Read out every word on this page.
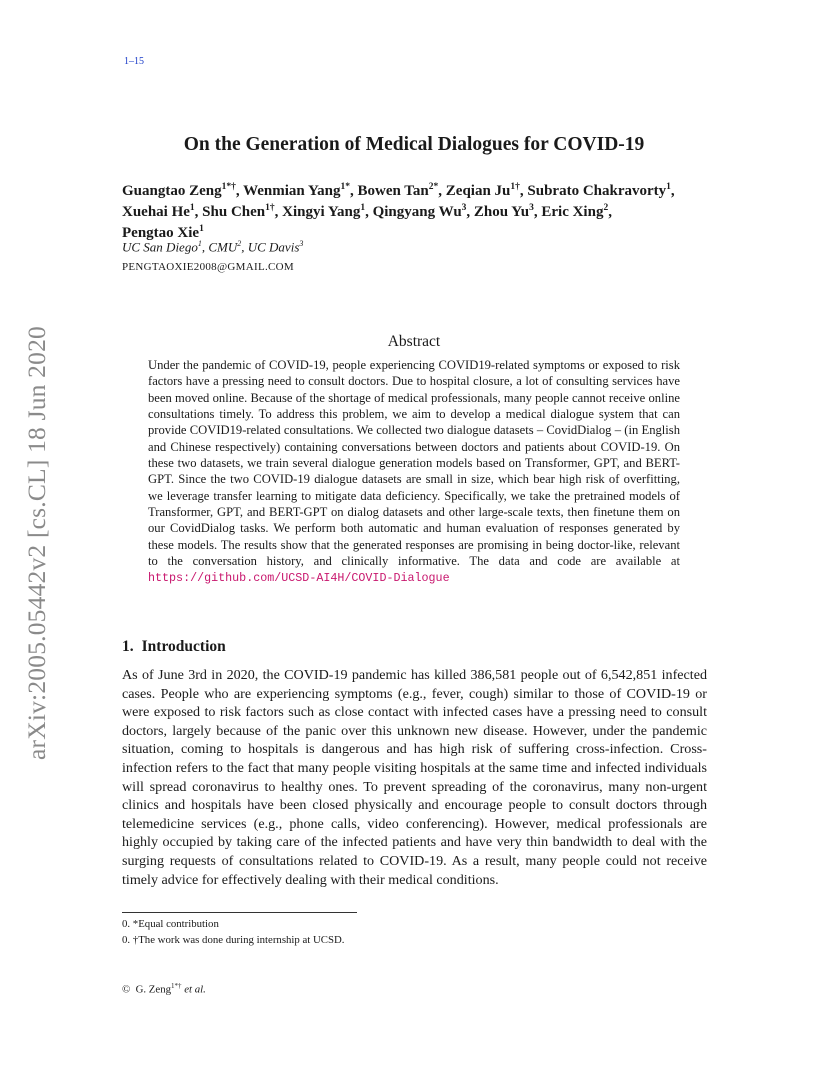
1–15
arXiv:2005.05442v2 [cs.CL] 18 Jun 2020
On the Generation of Medical Dialogues for COVID-19
Guangtao Zeng$^{1*\dagger}$, Wenmian Yang$^{1*}$, Bowen Tan$^{2*}$, Zeqian $Ju^{1\dagger}$, Subrato Chakravorty$^1$,
Xuehai He$^1$, Shu Chen$^{1\dagger}$, Xingyi Yang$^1$, Qingyang Wu$^3$, Zhou Yu$^3$, Eric Xing$^2$,
Pengtao Xie$^1$
UC San Diego$^1$, CMU$^2$, UC Davis$^3$
PENGTAOXIE2008@GMAIL.COM
Abstract
Under the pandemic of COVID-19, people experiencing COVID19-related symptoms or exposed to risk factors have a pressing need to consult doctors. Due to hospital closure, a lot of consulting services have been moved online. Because of the shortage of medical professionals, many people cannot receive online consultations timely. To address this problem, we aim to develop a medical dialogue system that can provide COVID19-related consultations. We collected two dialogue datasets – CovidDialog – (in English and Chinese respectively) containing conversations between doctors and patients about COVID-19. On these two datasets, we train several dialogue generation models based on Transformer, GPT, and BERT-GPT. Since the two COVID-19 dialogue datasets are small in size, which bear high risk of overfitting, we leverage transfer learning to mitigate data deficiency. Specifically, we take the pretrained models of Transformer, GPT, and BERT-GPT on dialog datasets and other large-scale texts, then finetune them on our CovidDialog tasks. We perform both automatic and human evaluation of responses generated by these models. The results show that the generated responses are promising in being doctor-like, relevant to the conversation history, and clinically informative. The data and code are available at https://github.com/UCSD-AI4H/COVID-Dialogue
1. Introduction
As of June 3rd in 2020, the COVID-19 pandemic has killed 386,581 people out of 6,542,851 infected cases. People who are experiencing symptoms (e.g., fever, cough) similar to those of COVID-19 or were exposed to risk factors such as close contact with infected cases have a pressing need to consult doctors, largely because of the panic over this unknown new disease. However, under the pandemic situation, coming to hospitals is dangerous and has high risk of suffering cross-infection. Cross-infection refers to the fact that many people visiting hospitals at the same time and infected individuals will spread coronavirus to healthy ones. To prevent spreading of the coronavirus, many non-urgent clinics and hospitals have been closed physically and encourage people to consult doctors through telemedicine services (e.g., phone calls, video conferencing). However, medical professionals are highly occupied by taking care of the infected patients and have very thin bandwidth to deal with the surging requests of consultations related to COVID-19. As a result, many people could not receive timely advice for effectively dealing with their medical conditions.
0. *Equal contribution
0. †The work was done during internship at UCSD.
© G. Zeng$^{1*\dagger}$ et al.
